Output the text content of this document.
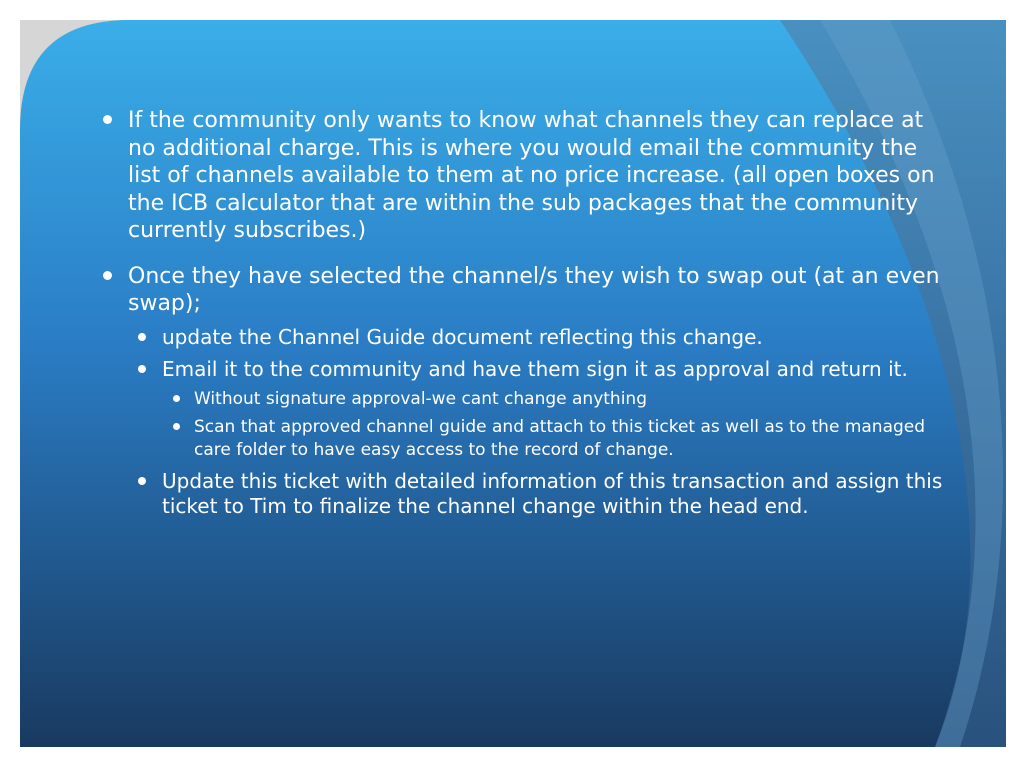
If the community only wants to know what channels they can replace at no additional charge. This is where you would email the community the list of channels available to them at no price increase. (all open boxes on the ICB calculator that are within the sub packages that the community currently subscribes.)
Once they have selected the channel/s they wish to swap out (at an even swap);
update the Channel Guide document reflecting this change.
Email it to the community and have them sign it as approval and return it.
Without signature approval-we cant change anything
Scan that approved channel guide and attach to this ticket as well as to the managed care folder to have easy access to the record of change.
Update this ticket with detailed information of this transaction and assign this ticket to Tim to finalize the channel change within the head end.
